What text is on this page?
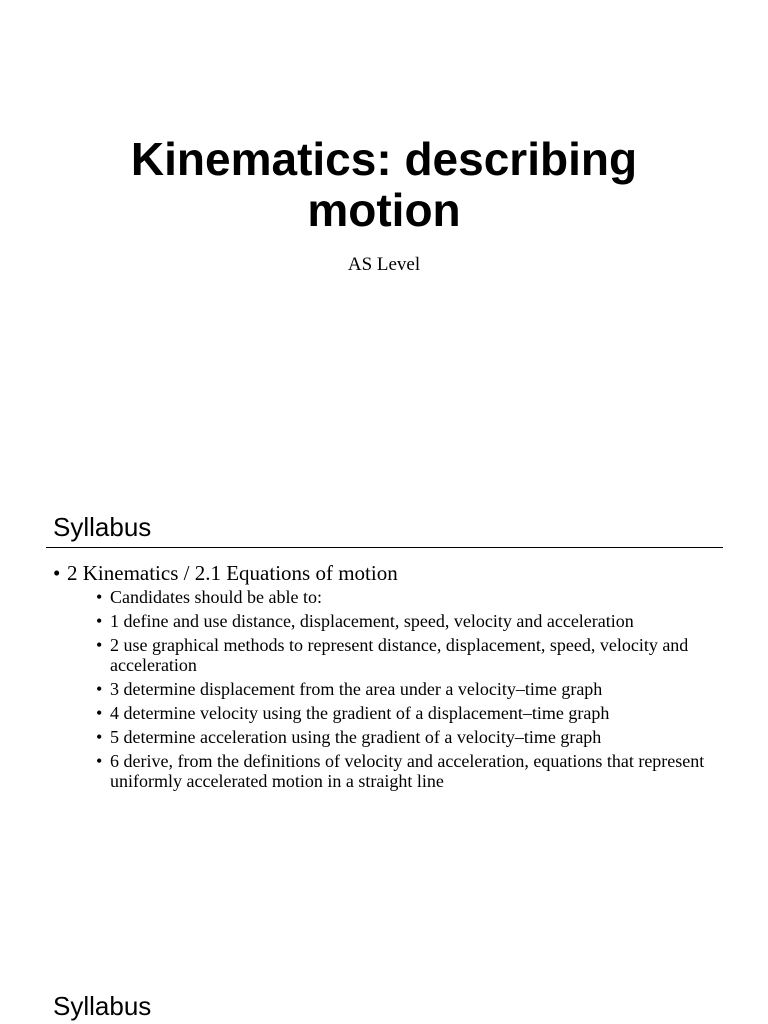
Kinematics: describing motion
AS Level
Syllabus
• 2 Kinematics / 2.1 Equations of motion
• Candidates should be able to:
• 1 define and use distance, displacement, speed, velocity and acceleration
• 2 use graphical methods to represent distance, displacement, speed, velocity and acceleration
• 3 determine displacement from the area under a velocity–time graph
• 4 determine velocity using the gradient of a displacement–time graph
• 5 determine acceleration using the gradient of a velocity–time graph
• 6 derive, from the definitions of velocity and acceleration, equations that represent uniformly accelerated motion in a straight line
Syllabus
